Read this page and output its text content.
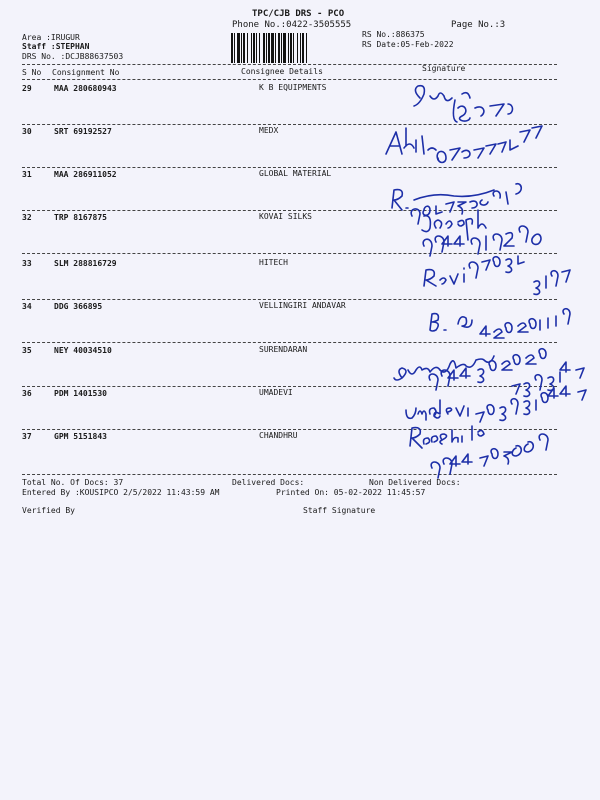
TPC/CJB DRS - PCO
Phone No.:0422-3505555	Page No.:3
Area :IRUGUR
Staff :STEPHAN
DRS No. :DCJB88637503
RS No.:886375
RS Date:05-Feb-2022
S No Consignment No	Consignee Details	Signature
29	MAA 280680943	K B EQUIPMENTS
30	SRT 69192527	MEDX
31	MAA 286911052	GLOBAL MATERIAL
32	TRP 8167875	KOVAI SILKS
33	SLM 288816729	HITECH
34	DDG 366895	VELLINGIRI ANDAVAR
35	NEY 40034510	SURENDARAN
36	PDM 1401530	UMADEVI
37	GPM 5151843	CHANDHRU
Total No. Of Docs: 37	Delivered Docs:	Non Delivered Docs:
Entered By :KOUSIPCO 2/5/2022 11:43:59 AM	Printed On: 05-02-2022 11:45:57
Verified By	Staff Signature
